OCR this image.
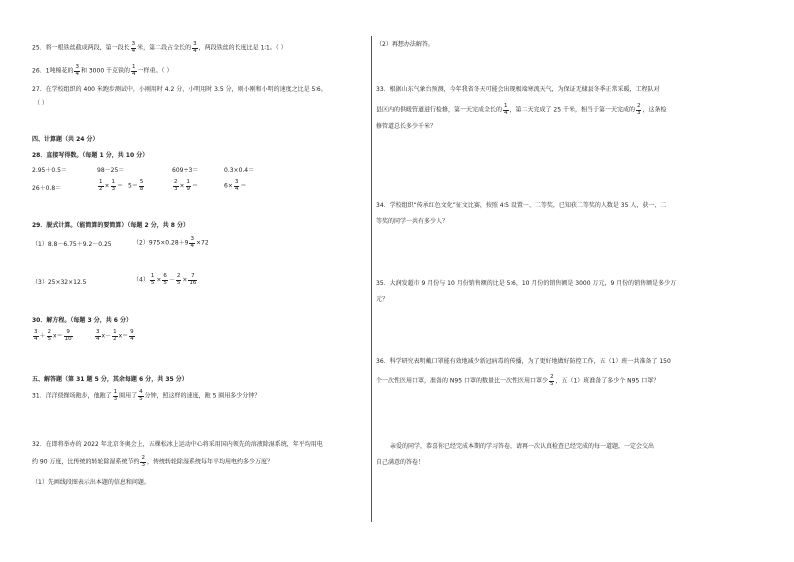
25．将一根铁丝截成两段，第一段长 $\frac{3}{4}$ 米，第二段占全长的 $\frac{3}{4}$ ，两段铁丝的长度比是 1∶1。（ ）
26．1吨棉花的 $\frac{3}{4}$ 和 3000 千克铁的 $\frac{1}{4}$ 一样重。（ ）
27．在学校组织的 400 米跑步测试中，小刚用时 4.2 分，小明用时 3.5 分，则小刚和小明的速度之比是 5∶6。
（ ）
四、计算题（共 24 分）
28．直接写得数。（每题 1 分，共 10 分）
2.95＋0.5＝	98－25＝	609÷3＝	0.3×0.4＝
26＋0.8＝	$\frac{1}{2} \times \frac{1}{3} = 5= \frac{5}{8}$	$\frac{2}{3} \times \frac{1}{9}$ ＝	$6\times \frac{3}{4}$ ＝
29．脱式计算。（能简算的要简算）（每题 2 分，共 8 分）
（1）8.8－6.75＋9.2－0.25	$(2)975\times 0.28+9 \frac{3}{4} \times 72$
（3）25×32×12.5	$(4) \frac{1}{5} \times \frac{6}{5} - \frac{2}{5} \times \frac{7}{16}$
30．解方程。（每题 3 分，共 6 分）
$\frac{3}{4} + \frac{2}{5} x= \frac{9}{10}$	$\frac{3}{4} x- \frac{1}{2} x= \frac{9}{4}$
五、解答题（第 31 题 5 分，其余每题 6 分，共 35 分）
31．洋洋绕操场跑步，他跑了 $\frac{1}{3}$ 圈用了 $\frac{4}{5}$ 分钟，照这样的速度，跑 5 圈用多少分钟？
32．在即将举办的 2022 年北京冬奥会上，五棵松冰上运动中心将采用国内领先的溶液除湿系统，年平均用电
约 90 万度，比传统的转轮除湿系统节约 $\frac{2}{3}$ ，传统转轮除湿系统每年平均用电约多少万度？
（1）先画线段图表示出本题的信息和问题。
（2）再想办法解答。
33．根据山东气象台预测，今年我省冬天可能会出现极端寒流天气，为保证无棣县冬季正常采暖，工程队对
县区内的供暖管道进行检修，第一天完成全长的 $\frac{1}{4}$ ，第二天完成了 25 千米，相当于第一天完成的 $\frac{2}{3}$ ，这条检
修管道总长多少千米？
34．学校组织“传承红色文化”征文比赛，按照 4∶5 设置一、二等奖，已知获二等奖的人数是 35 人，获一、二
等奖的同学一共有多少人？
35．大润发超市 9 月份与 10 月份销售额的比是 5∶6，10 月份的销售额是 3000 万元，9 月份的销售额是多少万
元？
36．科学研究表明戴口罩能有效地减少新冠病毒的传播，为了更好地做好防控工作，五（1）班一共准备了 150
个一次性医用口罩，准备的 N95 口罩的数量比一次性医用口罩少 $\frac{2}{5}$ ，五（1）班准备了多少个 N95 口罩？
亲爱的同学，恭喜你已经完成本期的学习答卷，请再一次认真检查已经完成的每一道题，一定会交出
自己满意的答卷！
